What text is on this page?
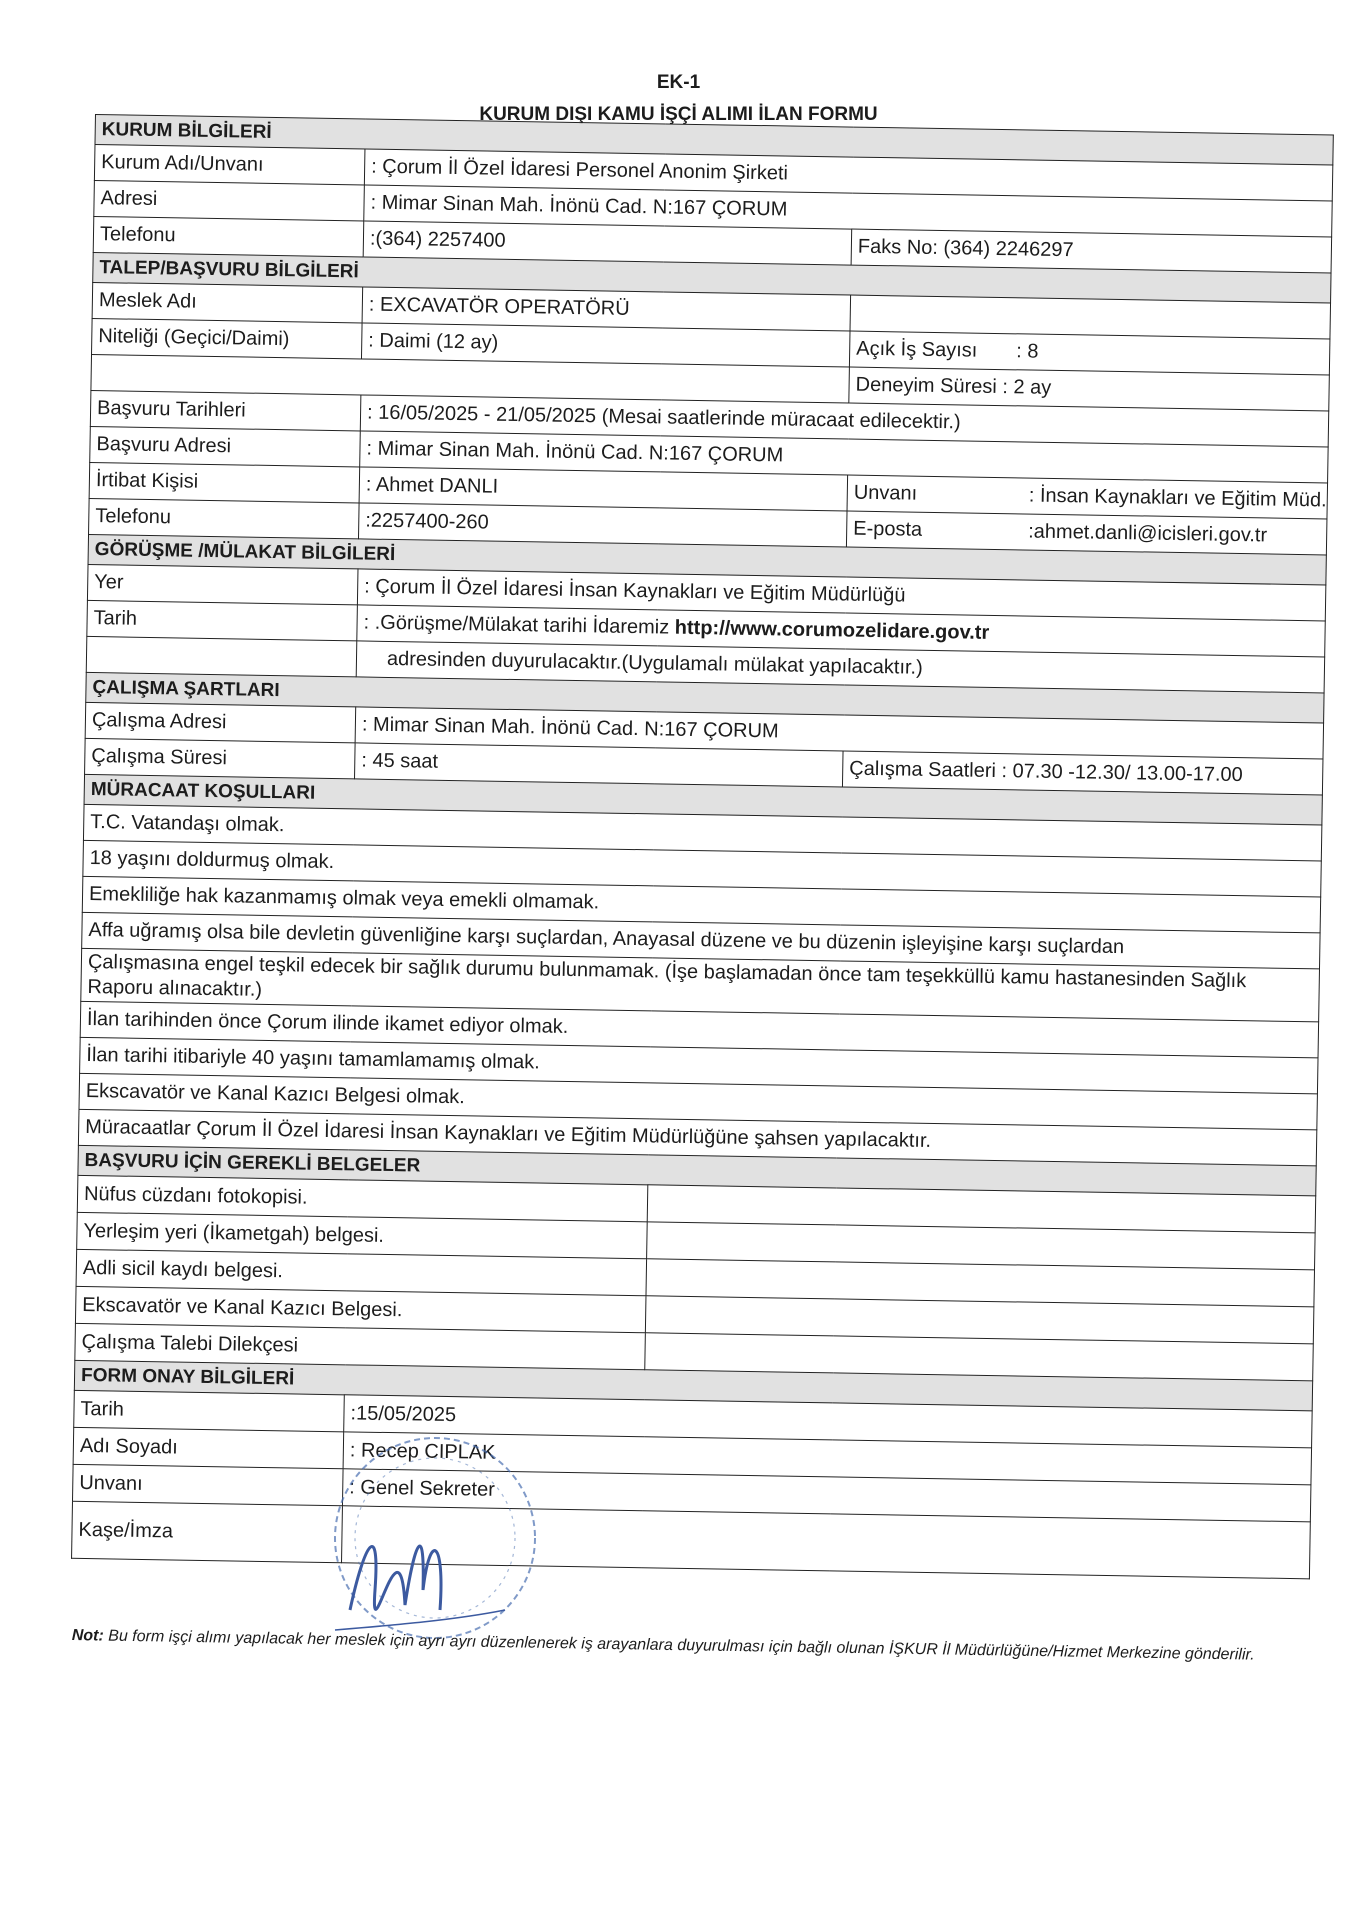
EK-1
KURUM DIŞI KAMU İŞÇİ ALIMI İLAN FORMU
KURUM BİLGİLERİ			
Kurum Adı/Unvanı	: Çorum İl Özel İdaresi Personel Anonim Şirketi		
Adresi	: Mimar Sinan Mah. İnönü Cad. N:167 ÇORUM		
Telefonu	:(364) 2257400		Faks No: (364) 2246297
TALEP/BAŞVURU BİLGİLERİ			
Meslek Adı	: EXCAVATÖR OPERATÖRÜ		
Niteliği (Geçici/Daimi)	: Daimi (12 ay)		Açık İş Sayısı : 8
			Deneyim Süresi : 2 ay
Başvuru Tarihleri	: 16/05/2025 - 21/05/2025 (Mesai saatlerinde müracaat edilecektir.)		
Başvuru Adresi	: Mimar Sinan Mah. İnönü Cad. N:167 ÇORUM		
İrtibat Kişisi	: Ahmet DANLI		Unvanı : İnsan Kaynakları ve Eğitim Müd.
Telefonu	:2257400-260		E-posta :ahmet.danli@icisleri.gov.tr
GÖRÜŞME /MÜLAKAT BİLGİLERİ			
Yer	: Çorum İl Özel İdaresi İnsan Kaynakları ve Eğitim Müdürlüğü		
Tarih	: .Görüşme/Mülakat tarihi İdaremiz http://www.corumozelidare.gov.tr		
	adresinden duyurulacaktır.(Uygulamalı mülakat yapılacaktır.)		
ÇALIŞMA ŞARTLARI			
Çalışma Adresi	: Mimar Sinan Mah. İnönü Cad. N:167 ÇORUM		
Çalışma Süresi	: 45 saat		Çalışma Saatleri : 07.30 -12.30/ 13.00-17.00
MÜRACAAT KOŞULLARI			
T.C. Vatandaşı olmak.			
18 yaşını doldurmuş olmak.			
Emekliliğe hak kazanmamış olmak veya emekli olmamak.			
Affa uğramış olsa bile devletin güvenliğine karşı suçlardan, Anayasal düzene ve bu düzenin işleyişine karşı suçlardan			
Çalışmasına engel teşkil edecek bir sağlık durumu bulunmamak. (İşe başlamadan önce tam teşekküllü kamu hastanesinden Sağlık Raporu alınacaktır.)			
İlan tarihinden önce Çorum ilinde ikamet ediyor olmak.			
İlan tarihi itibariyle 40 yaşını tamamlamamış olmak.			
Ekscavatör ve Kanal Kazıcı Belgesi olmak.			
Müracaatlar Çorum İl Özel İdaresi İnsan Kaynakları ve Eğitim Müdürlüğüne şahsen yapılacaktır.			
BAŞVURU İÇİN GEREKLİ BELGELER			
Nüfus cüzdanı fotokopisi.			
Yerleşim yeri (İkametgah) belgesi.			
Adli sicil kaydı belgesi.			
Ekscavatör ve Kanal Kazıcı Belgesi.			
Çalışma Talebi Dilekçesi			
FORM ONAY BİLGİLERİ			
Tarih	:15/05/2025		
Adı Soyadı	: Recep CIPLAK		
Unvanı	: Genel Sekreter		
Kaşe/İmza			
Not: Bu form işçi alımı yapılacak her meslek için ayrı ayrı düzenlenerek iş arayanlara duyurulması için bağlı olunan İŞKUR İl Müdürlüğüne/Hizmet Merkezine gönderilir.
